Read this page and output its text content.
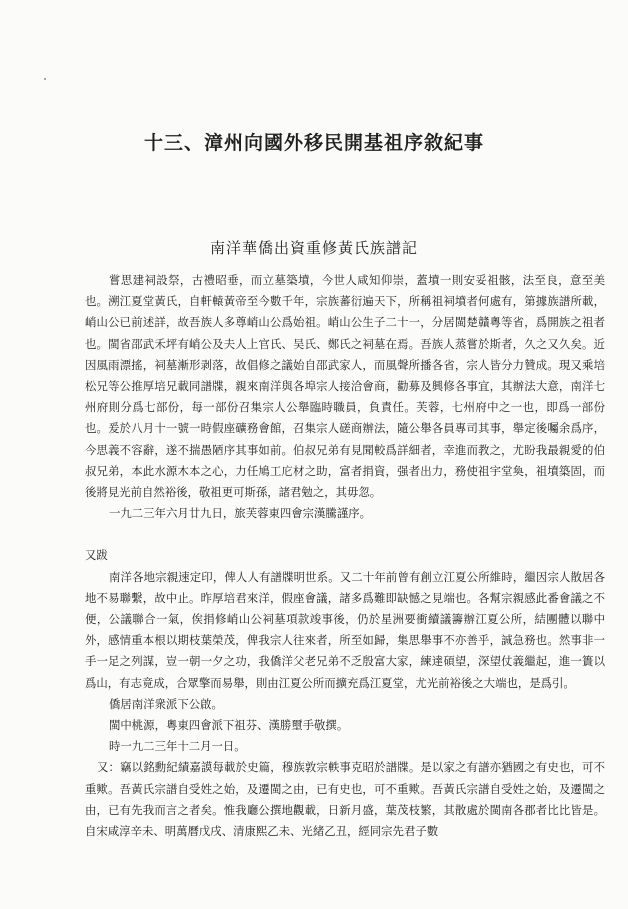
十三、漳州向國外移民開基祖序敘紀事
南洋華僑出資重修黃氏族譜記

嘗思建祠設祭，古禮昭垂，而立墓築墳，今世人咸知仰崇，蓋墳一則安妥祖骸，法至良，意至美也。溯江夏堂黃氏，自軒轅黃帝至今數千年，宗族蕃衍遍天下，所稱祖祠墳者何處有，第據族譜所載，峭山公已前述詳，故吾族人多尊峭山公爲始祖。峭山公生子二十一，分居閩楚贛粵等省，爲開族之祖者也。閩省邵武禾坪有峭公及夫人上官氏、吴氏、鄭氏之祠墓在焉。吾族人蒸嘗於斯者，久之又久矣。近因風雨漂搖，祠墓漸形剥落，故倡修之議始自邵武家人，而風聲所播各省，宗人皆分力贊成。現又乘培松兄等公推厚培兄載同譜牒，親來南洋與各埠宗人接洽會商，勸募及興修各事宜，其辦法大意，南洋七州府則分爲七部份，每一部份召集宗人公舉臨時職員，負責任。芙蓉，七州府中之一也，即爲一部份也。爰於八月十一號一時假座礦務會館，召集宗人磋商辦法，隨公舉各員專司其事，舉定後囑余爲序，今思義不容辭，遂不揣愚陋序其事如前。伯叔兄弟有見聞較爲詳細者，幸進而教之，尤盼我最親愛的伯叔兄弟，本此水源木本之心，力任鳩工庀材之助，富者捐資，强者出力，務使祖宇堂奐，祖墳築固，而後將見光前自然裕後，敬祖更可斯孫，諸君勉之，其毋忽。

一九二三年六月廿九日，旅芙蓉東四會宗漢騰謹序。

又跋

南洋各地宗親速定印，俾人人有譜牒明世系。又二十年前曾有創立江夏公所維時，繼因宗人散居各地不易聯繫，故中止。昨厚培君來洋，假座會議，諸多爲難即缺憾之見端也。各幫宗親感此番會議之不便，公議聯合一氣，俟捐修峭山公祠墓項款竣事後，仍於星洲要衝續議籌辦江夏公所，結團體以聯中外，感情重本根以期枝葉榮茂，俾我宗人往來者，所至如歸，集思舉事不亦善乎，誠急務也。然事非一手一足之列謀，豈一朝一夕之功，我僑洋父老兄弟不乏殷富大家，練達碩望，深望仗義繼起，進一簣以爲山，有志竟成，合眾擎而易舉，則由江夏公所而擴充爲江夏堂，尤光前裕後之大端也，是爲引。

僑居南洋衆派下公啟。

閩中桃源，粵東四會派下祖芬、漢勝壐手敬撰。

時一九二三年十二月一日。

又：竊以銘勳紀績嘉謨每載於史篇，穆族敦宗軼事克昭於譜牒。是以家之有譜亦猶國之有史也，可不重歟。吾黃氏宗譜自受姓之始，及遷閩之由，已有史也，可不重歟。吾黃氏宗譜自受姓之始，及遷閩之由，已有先我而言之者矣。惟我廳公撰地觀載，日新月盛，葉茂枝繁，其散處於閩南各郡者比比皆是。自宋咸淳辛未、明萬曆戊戌、清康熙乙未、光緒乙丑，經同宗先君子數
